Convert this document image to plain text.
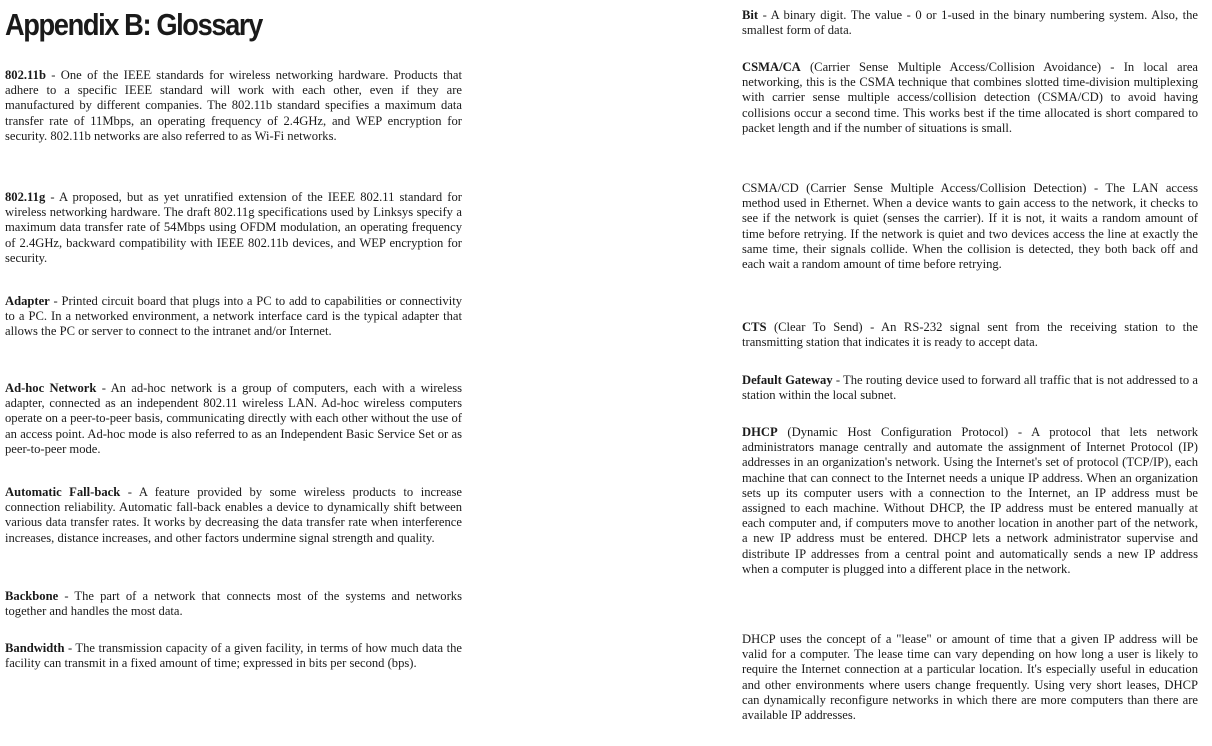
Appendix B: Glossary

802.11b - One of the IEEE standards for wireless networking hardware. Products that adhere to a specific IEEE standard will work with each other, even if they are manufactured by different companies. The 802.11b standard specifies a maximum data transfer rate of 11Mbps, an operating frequency of 2.4GHz, and WEP encryption for security. 802.11b networks are also referred to as Wi-Fi networks.

802.11g - A proposed, but as yet unratified extension of the IEEE 802.11 standard for wireless networking hardware. The draft 802.11g specifications used by Linksys specify a maximum data transfer rate of 54Mbps using OFDM modulation, an operating frequency of 2.4GHz, backward compatibility with IEEE 802.11b devices, and WEP encryption for security.

Adapter - Printed circuit board that plugs into a PC to add to capabilities or connectivity to a PC. In a networked environment, a network interface card is the typical adapter that allows the PC or server to connect to the intranet and/or Internet.

Ad-hoc Network - An ad-hoc network is a group of computers, each with a wireless adapter, connected as an independent 802.11 wireless LAN. Ad-hoc wireless computers operate on a peer-to-peer basis, communicating directly with each other without the use of an access point. Ad-hoc mode is also referred to as an Independent Basic Service Set or as peer-to-peer mode.

Automatic Fall-back - A feature provided by some wireless products to increase connection reliability. Automatic fall-back enables a device to dynamically shift between various data transfer rates. It works by decreasing the data transfer rate when interference increases, distance increases, and other factors undermine signal strength and quality.

Backbone - The part of a network that connects most of the systems and networks together and handles the most data.

Bandwidth - The transmission capacity of a given facility, in terms of how much data the facility can transmit in a fixed amount of time; expressed in bits per second (bps).

Bit - A binary digit. The value - 0 or 1-used in the binary numbering system. Also, the smallest form of data.

CSMA/CA (Carrier Sense Multiple Access/Collision Avoidance) - In local area networking, this is the CSMA technique that combines slotted time-division multiplexing with carrier sense multiple access/collision detection (CSMA/CD) to avoid having collisions occur a second time. This works best if the time allocated is short compared to packet length and if the number of situations is small.

CSMA/CD (Carrier Sense Multiple Access/Collision Detection) - The LAN access method used in Ethernet. When a device wants to gain access to the network, it checks to see if the network is quiet (senses the carrier). If it is not, it waits a random amount of time before retrying. If the network is quiet and two devices access the line at exactly the same time, their signals collide. When the collision is detected, they both back off and each wait a random amount of time before retrying.

CTS (Clear To Send) - An RS-232 signal sent from the receiving station to the transmitting station that indicates it is ready to accept data.

Default Gateway - The routing device used to forward all traffic that is not addressed to a station within the local subnet.

DHCP (Dynamic Host Configuration Protocol) - A protocol that lets network administrators manage centrally and automate the assignment of Internet Protocol (IP) addresses in an organization's network. Using the Internet's set of protocol (TCP/IP), each machine that can connect to the Internet needs a unique IP address. When an organization sets up its computer users with a connection to the Internet, an IP address must be assigned to each machine. Without DHCP, the IP address must be entered manually at each computer and, if computers move to another location in another part of the network, a new IP address must be entered. DHCP lets a network administrator supervise and distribute IP addresses from a central point and automatically sends a new IP address when a computer is plugged into a different place in the network.

DHCP uses the concept of a "lease" or amount of time that a given IP address will be valid for a computer. The lease time can vary depending on how long a user is likely to require the Internet connection at a particular location. It's especially useful in education and other environments where users change frequently. Using very short leases, DHCP can dynamically reconfigure networks in which there are more computers than there are available IP addresses.
